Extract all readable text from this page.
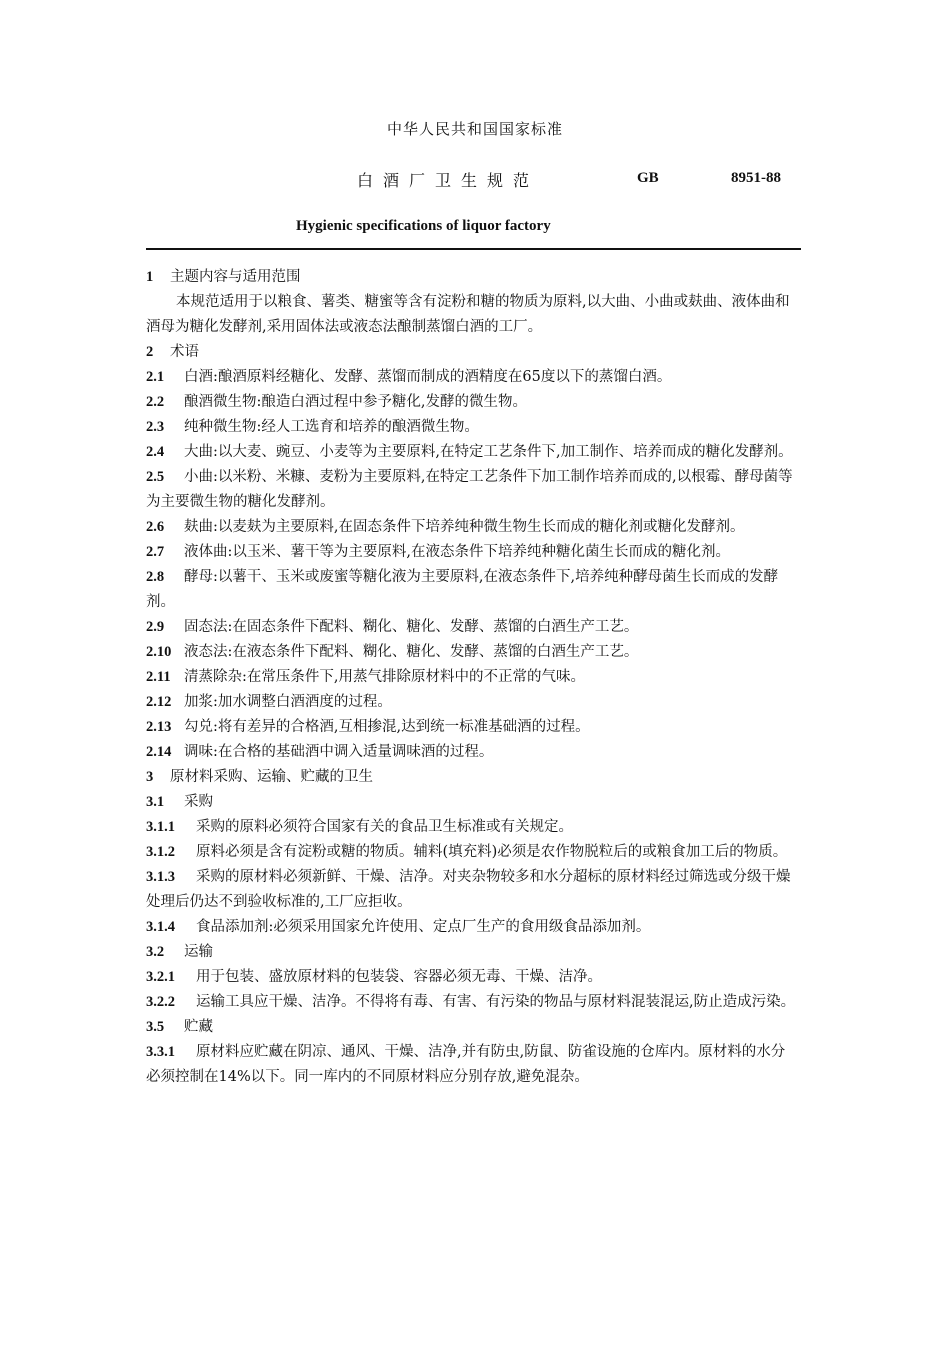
中华人民共和国国家标准
白酒厂卫生规范	GB	8951-88
Hygienic specifications of liquor factory

1 主题内容与适用范围

本规范适用于以粮食、薯类、糖蜜等含有淀粉和糖的物质为原料,以大曲、小曲或麸曲、液体曲和酒母为糖化发酵剂,采用固体法或液态法酿制蒸馏白酒的工厂。

2 术语

2.1 白酒:酿酒原料经糖化、发酵、蒸馏而制成的酒精度在65度以下的蒸馏白酒。

2.2 酿酒微生物:酿造白酒过程中参予糖化,发酵的微生物。

2.3 纯种微生物:经人工选育和培养的酿酒微生物。

2.4 大曲:以大麦、豌豆、小麦等为主要原料,在特定工艺条件下,加工制作、培养而成的糖化发酵剂。

2.5 小曲:以米粉、米糠、麦粉为主要原料,在特定工艺条件下加工制作培养而成的,以根霉、酵母菌等为主要微生物的糖化发酵剂。

2.6 麸曲:以麦麸为主要原料,在固态条件下培养纯种微生物生长而成的糖化剂或糖化发酵剂。

2.7 液体曲:以玉米、薯干等为主要原料,在液态条件下培养纯种糖化菌生长而成的糖化剂。

2.8 酵母:以薯干、玉米或废蜜等糖化液为主要原料,在液态条件下,培养纯种酵母菌生长而成的发酵剂。

2.9 固态法:在固态条件下配料、糊化、糖化、发酵、蒸馏的白酒生产工艺。

2.10 液态法:在液态条件下配料、糊化、糖化、发酵、蒸馏的白酒生产工艺。

2.11 清蒸除杂:在常压条件下,用蒸气排除原材料中的不正常的气味。

2.12 加浆:加水调整白酒酒度的过程。

2.13 勾兑:将有差异的合格酒,互相掺混,达到统一标准基础酒的过程。

2.14 调味:在合格的基础酒中调入适量调味酒的过程。

3 原材料采购、运输、贮藏的卫生

3.1 采购

3.1.1 采购的原料必须符合国家有关的食品卫生标准或有关规定。

3.1.2 原料必须是含有淀粉或糖的物质。辅料(填充料)必须是农作物脱粒后的或粮食加工后的物质。

3.1.3 采购的原材料必须新鲜、干燥、洁净。对夹杂物较多和水分超标的原材料经过筛选或分级干燥处理后仍达不到验收标准的,工厂应拒收。

3.1.4 食品添加剂:必须采用国家允许使用、定点厂生产的食用级食品添加剂。

3.2 运输

3.2.1 用于包装、盛放原材料的包装袋、容器必须无毒、干燥、洁净。

3.2.2 运输工具应干燥、洁净。不得将有毒、有害、有污染的物品与原材料混装混运,防止造成污染。

3.5 贮藏

3.3.1 原材料应贮藏在阴凉、通风、干燥、洁净,并有防虫,防鼠、防雀设施的仓库内。原材料的水分必须控制在14%以下。同一库内的不同原材料应分别存放,避免混杂。
